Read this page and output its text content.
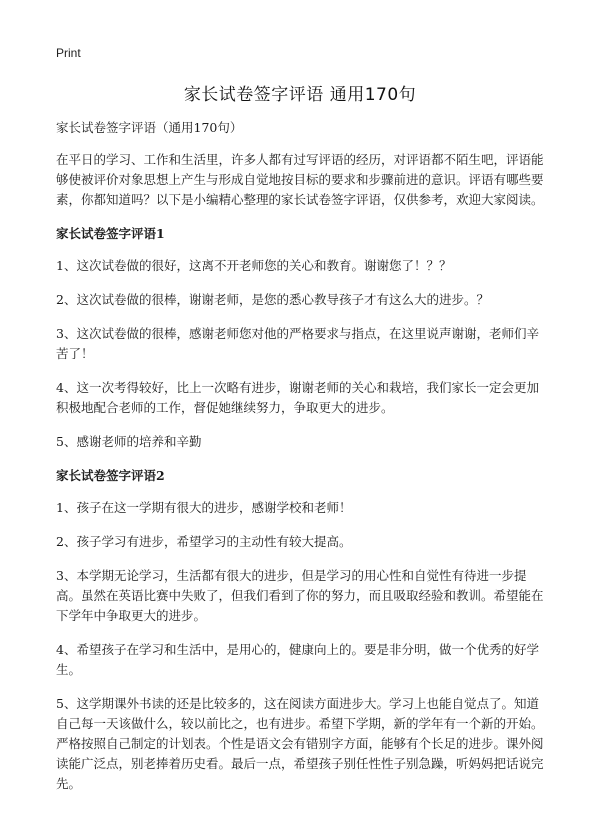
Print
家长试卷签字评语 通用170句

家长试卷签字评语（通用170句）

在平日的学习、工作和生活里，许多人都有过写评语的经历，对评语都不陌生吧，评语能够使被评价对象思想上产生与形成自觉地按目标的要求和步骤前进的意识。评语有哪些要素，你都知道吗？以下是小编精心整理的家长试卷签字评语，仅供参考，欢迎大家阅读。

家长试卷签字评语1

1、这次试卷做的很好，这离不开老师您的关心和教育。谢谢您了！？？

2、这次试卷做的很棒，谢谢老师，是您的悉心教导孩子才有这么大的进步。？

3、这次试卷做的很棒，感谢老师您对他的严格要求与指点，在这里说声谢谢，老师们辛苦了！

4、这一次考得较好，比上一次略有进步，谢谢老师的关心和栽培，我们家长一定会更加积极地配合老师的工作，督促她继续努力，争取更大的进步。

5、感谢老师的培养和辛勤

家长试卷签字评语2

1、孩子在这一学期有很大的进步，感谢学校和老师！

2、孩子学习有进步，希望学习的主动性有较大提高。

3、本学期无论学习，生活都有很大的进步，但是学习的用心性和自觉性有待进一步提高。虽然在英语比赛中失败了，但我们看到了你的努力，而且吸取经验和教训。希望能在下学年中争取更大的进步。

4、希望孩子在学习和生活中，是用心的，健康向上的。要是非分明，做一个优秀的好学生。

5、这学期课外书读的还是比较多的，这在阅读方面进步大。学习上也能自觉点了。知道自己每一天该做什么，较以前比之，也有进步。希望下学期，新的学年有一个新的开始。严格按照自己制定的计划表。个性是语文会有错别字方面，能够有个长足的进步。课外阅读能广泛点，别老捧着历史看。最后一点，希望孩子别任性性子别急躁，听妈妈把话说完先。
